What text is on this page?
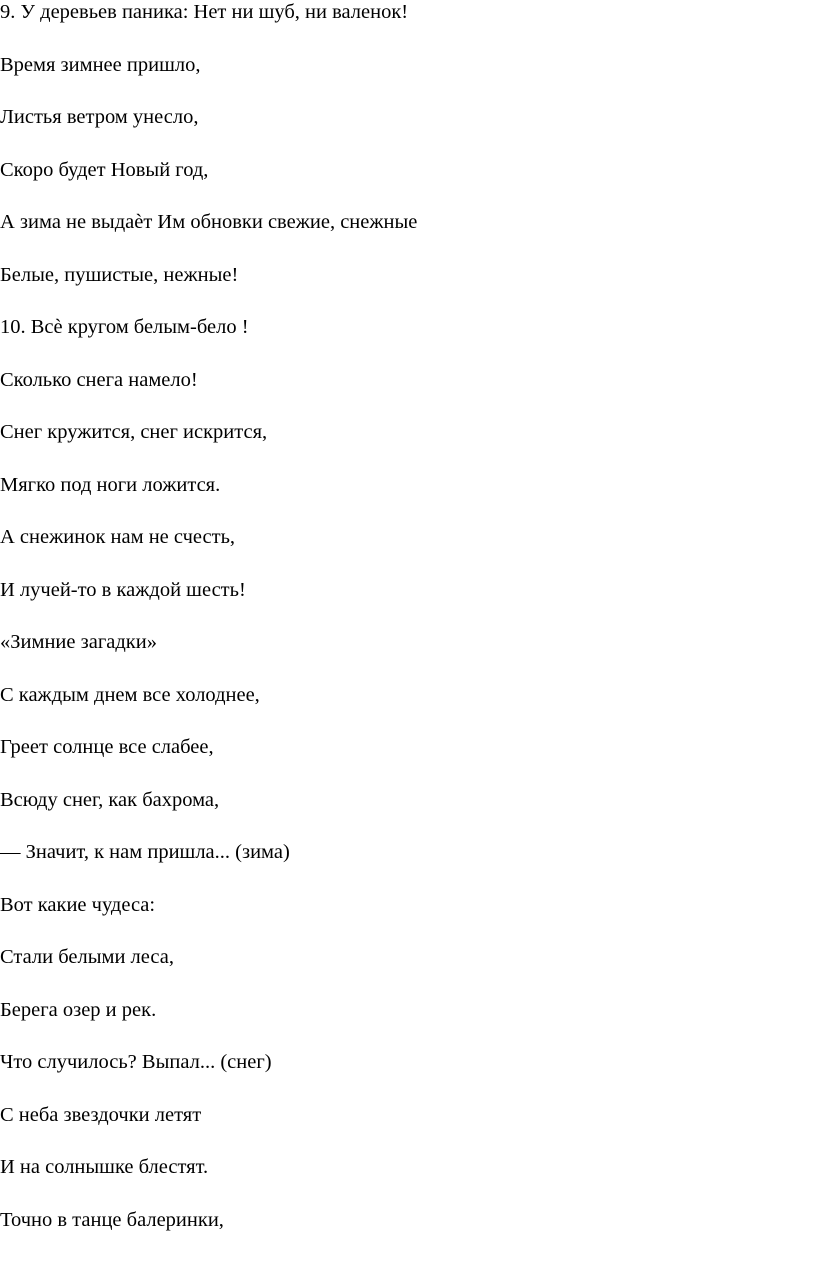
9. У деревьев паника: Нет ни шуб, ни валенок!

Время зимнее пришло,

Листья ветром унесло,

Скоро будет Новый год,

А зима не выдаѐт Им обновки свежие, снежные

Белые, пушистые, нежные!

10. Всѐ кругом белым-бело !

Сколько снега намело!

Снег кружится, снег искрится,

Мягко под ноги ложится.

А снежинок нам не счесть,

И лучей-то в каждой шесть!

«Зимние загадки»

С каждым днем все холоднее,

Греет солнце все слабее,

Всюду снег, как бахрома,

— Значит, к нам пришла... (зима)

Вот какие чудеса:

Стали белыми леса,

Берега озер и рек.

Что случилось? Выпал... (снег)

С неба звездочки летят

И на солнышке блестят.

Точно в танце балеринки,
